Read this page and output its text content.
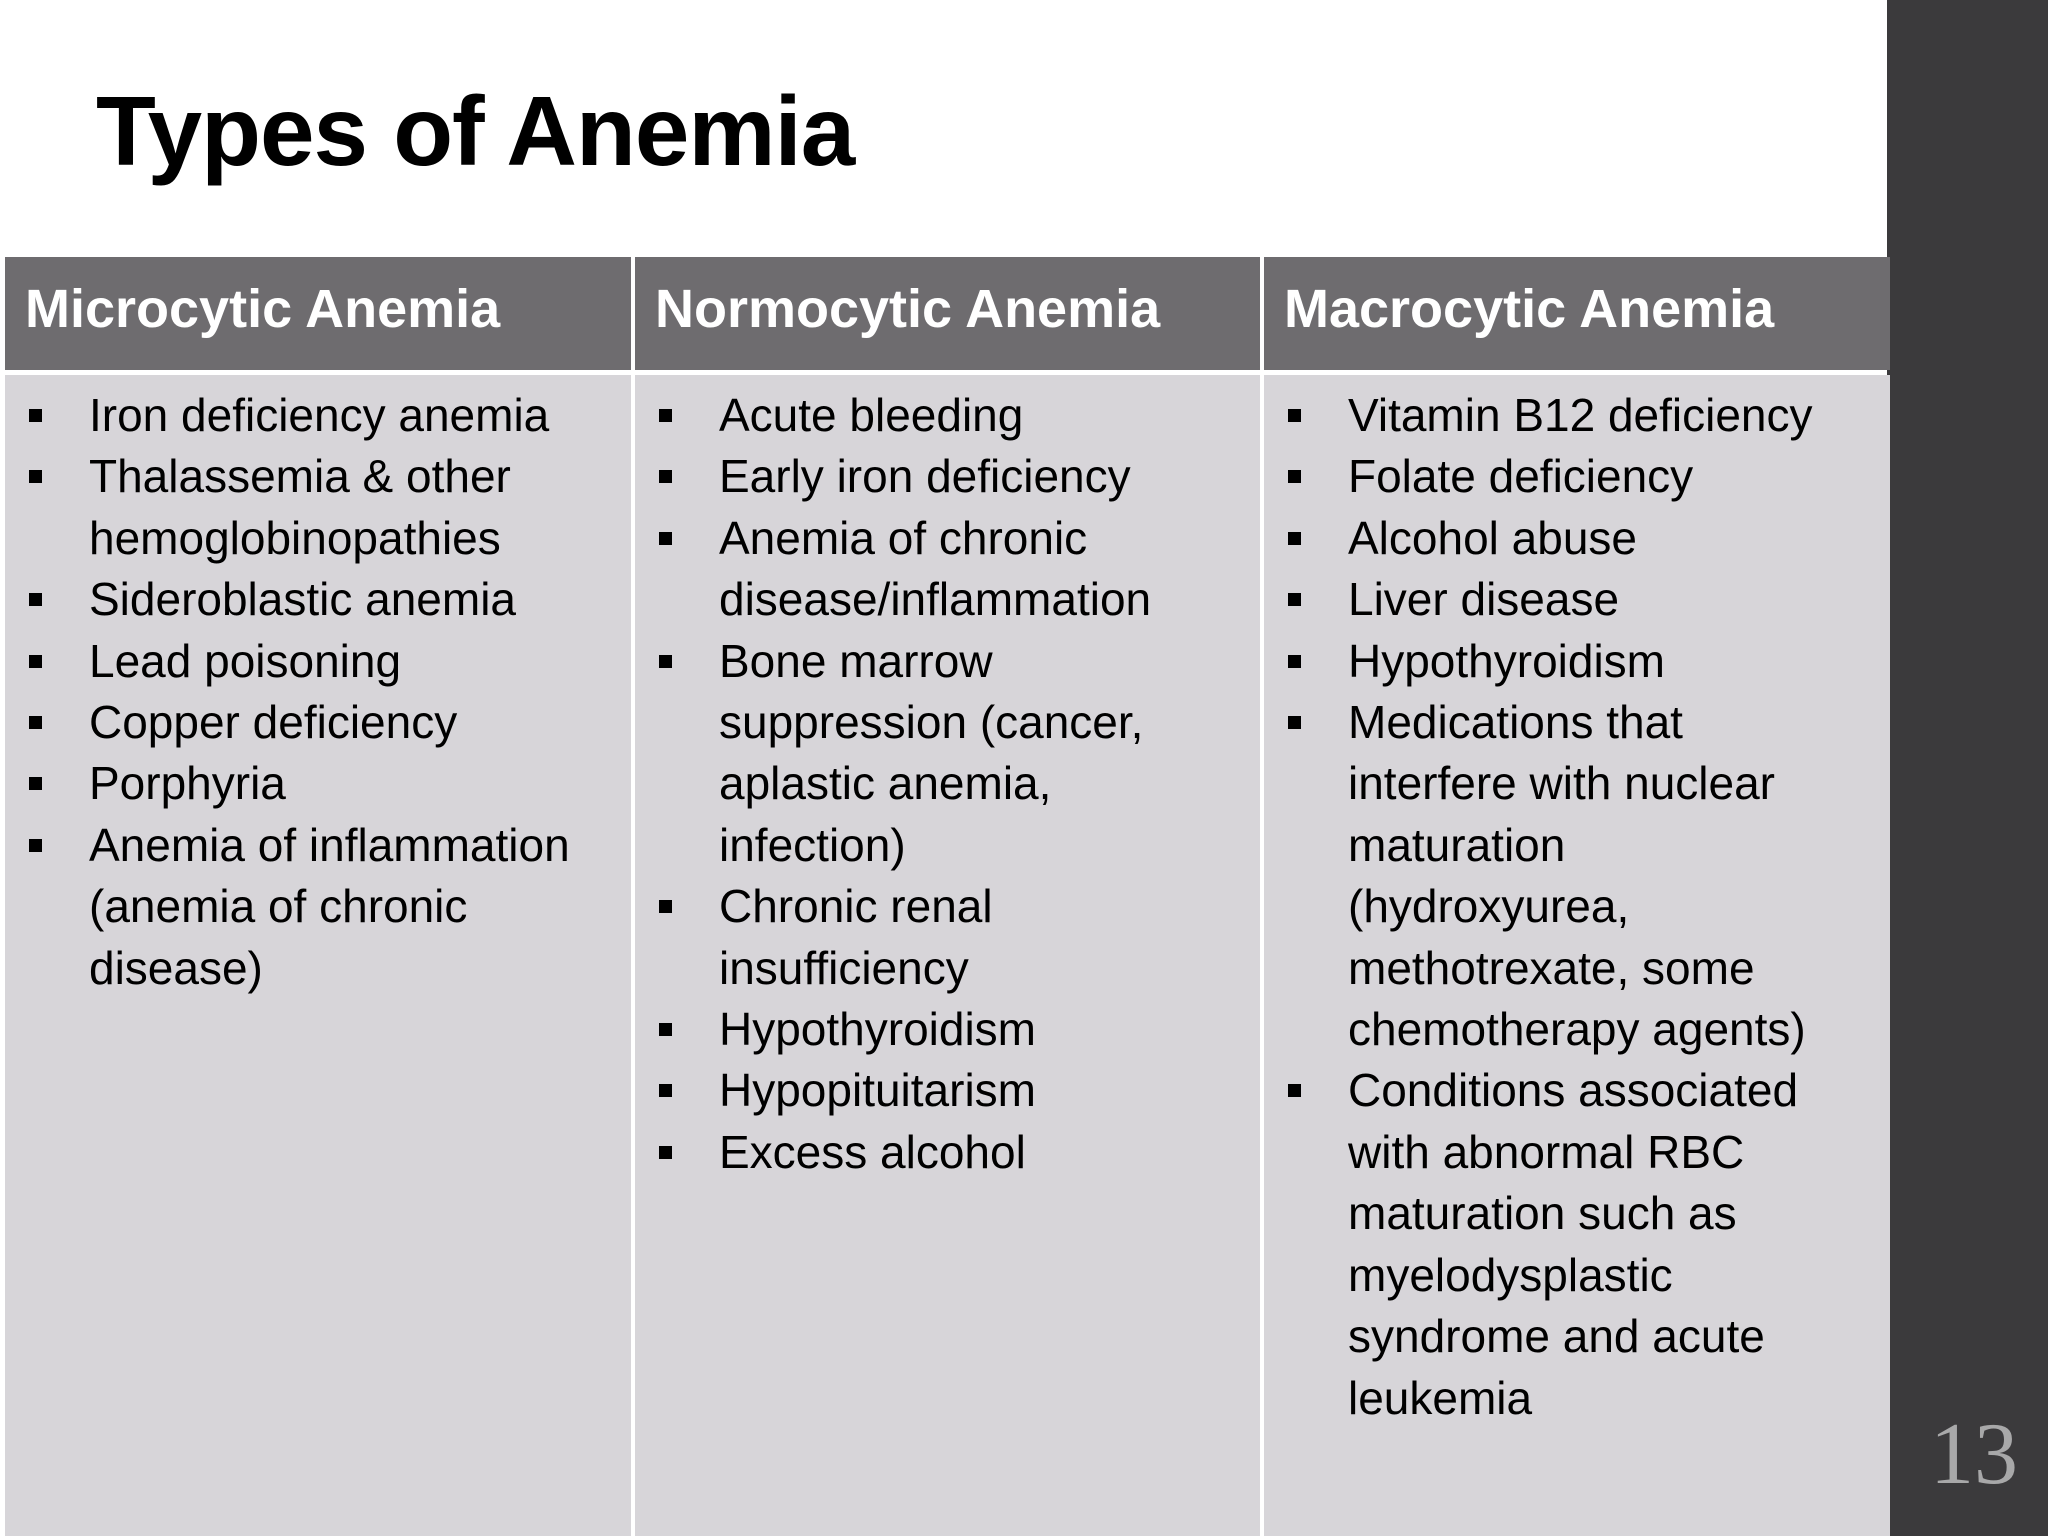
Types of Anemia
Microcytic Anemia	Normocytic Anemia	Macrocytic Anemia
Iron deficiency anemia
Thalassemia & other
hemoglobinopathies
Sideroblastic anemia
Lead poisoning
Copper deficiency
Porphyria
Anemia of inflammation
(anemia of chronic
disease)
Acute bleeding
Early iron deficiency
Anemia of chronic
disease/inflammation
Bone marrow
suppression (cancer,
aplastic anemia,
infection)
Chronic renal
insufficiency
Hypothyroidism
Hypopituitarism
Excess alcohol
Vitamin B12 deficiency
Folate deficiency
Alcohol abuse
Liver disease
Hypothyroidism
Medications that
interfere with nuclear
maturation
(hydroxyurea,
methotrexate, some
chemotherapy agents)
Conditions associated
with abnormal RBC
maturation such as
myelodysplastic
syndrome and acute
leukemia
13
